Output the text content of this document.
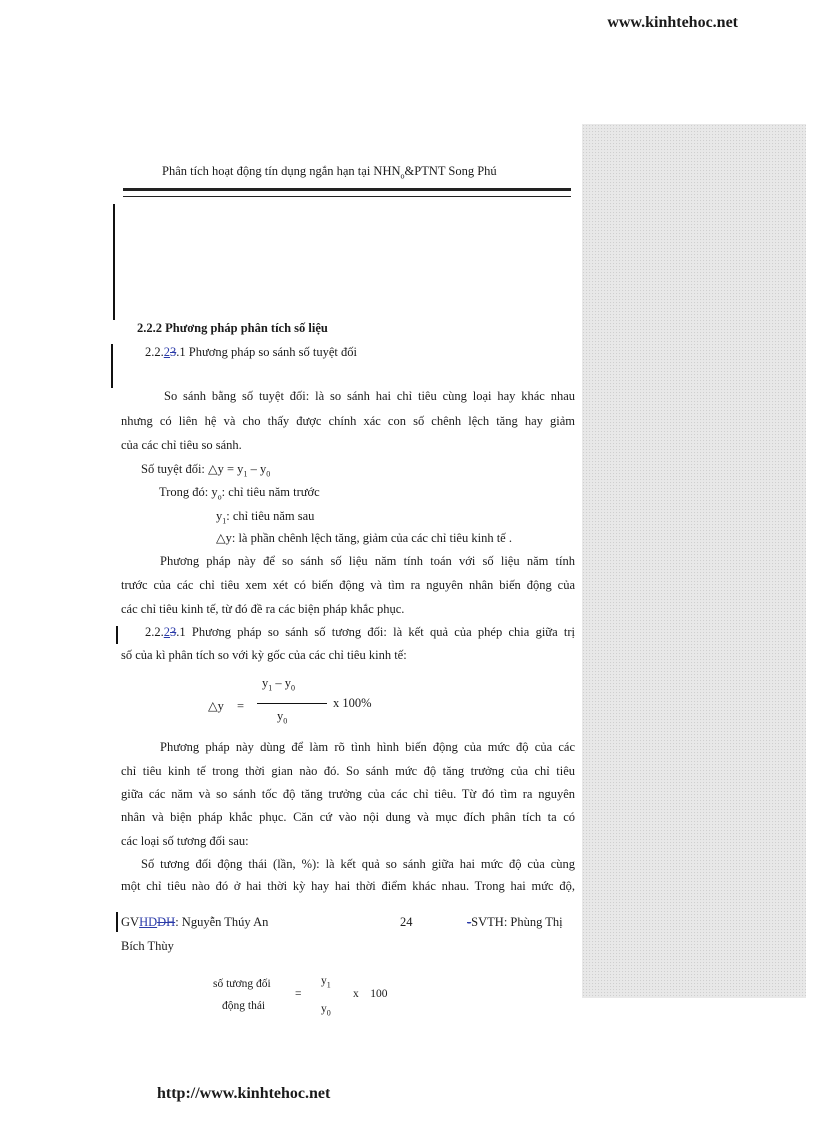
www.kinhtehoc.net
http://www.kinhtehoc.net
Phân tích hoạt động tín dụng ngắn hạn tại $NHN_o\&PTNT$ Song Phú
2.2.2 Phương pháp phân tích số liệu
2.2.23.1 Phương pháp so sánh số tuyệt đối
So sánh bằng số tuyệt đối: là so sánh hai chỉ tiêu cùng loại hay khác nhau
nhưng có liên hệ và cho thấy được chính xác con số chênh lệch tăng hay giảm
của các chỉ tiêu so sánh.
Số tuyệt đối: △y = $y_1 - y_0$
Trong đó: $y_o$: chỉ tiêu năm trước
$y_1$: chỉ tiêu năm sau
△y: là phần chênh lệch tăng, giảm của các chỉ tiêu kinh tế .
Phương pháp này để so sánh số liệu năm tính toán với số liệu năm tính
trước của các chỉ tiêu xem xét có biến động và tìm ra nguyên nhân biến động của
các chỉ tiêu kinh tế, từ đó đề ra các biện pháp khắc phục.
2.2.23.1 Phương pháp so sánh số tương đối: là kết quả của phép chia giữa trị
số của kì phân tích so với kỳ gốc của các chỉ tiêu kinh tế:
$y_1 - y_0$
△y =	x 100%
$y_0$
Phương pháp này dùng để làm rõ tình hình biến động của mức độ của các
chỉ tiêu kinh tế trong thời gian nào đó. So sánh mức độ tăng trưởng của chỉ tiêu
giữa các năm và so sánh tốc độ tăng trưởng của các chỉ tiêu. Từ đó tìm ra nguyên
nhân và biện pháp khắc phục. Căn cứ vào nội dung và mục đích phân tích ta có
các loại số tương đối sau:
Số tương đối động thái (lần, %): là kết quả so sánh giữa hai mức độ của cùng
một chỉ tiêu nào đó ở hai thời kỳ hay hai thời điểm khác nhau. Trong hai mức độ,
GVHDDH: Nguyễn Thúy An	24	-SVTH: Phùng Thị
Bích Thùy
số tương đối
động thái
=
$y_1$
$y_0$
x    100
